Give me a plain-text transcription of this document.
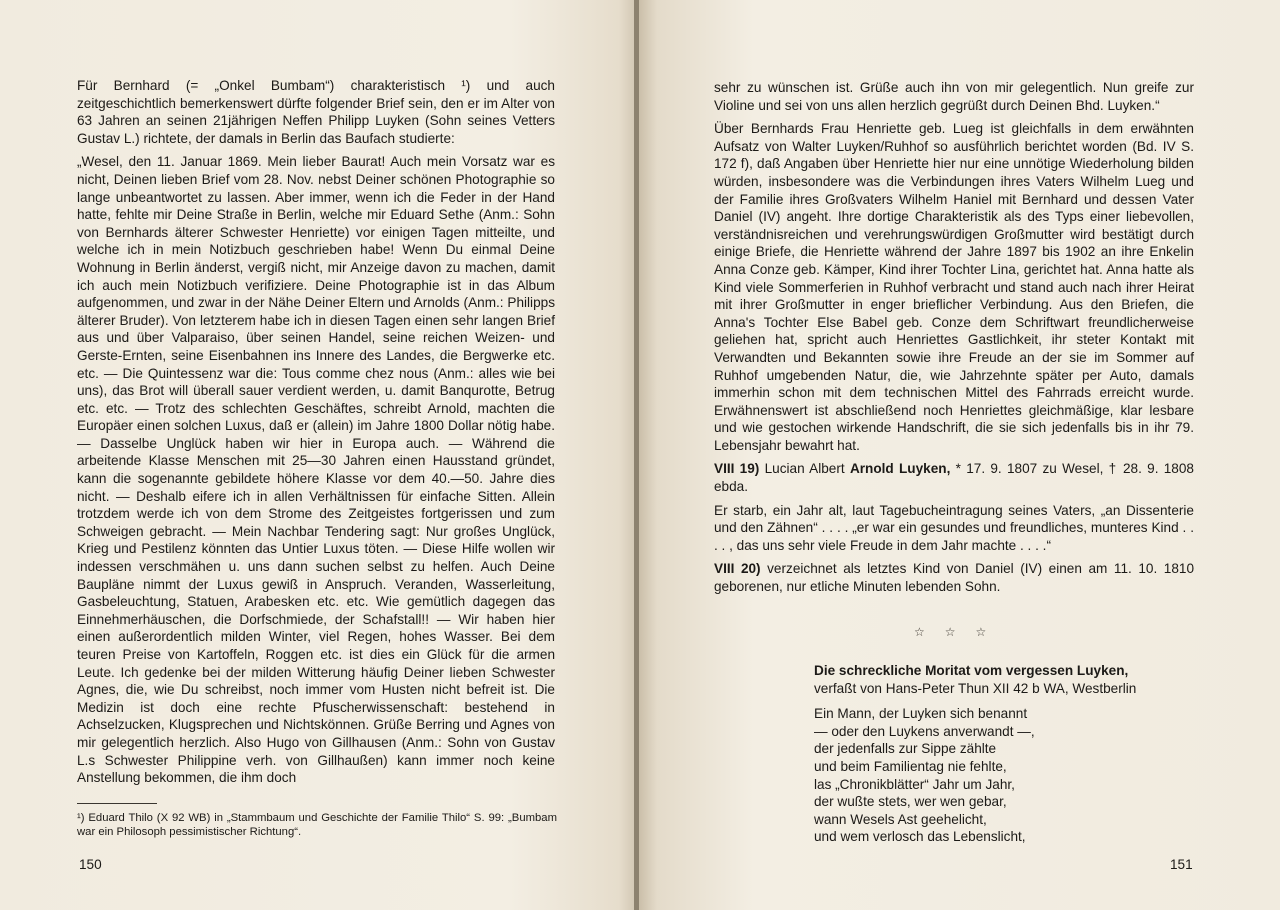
Für Bernhard (= „Onkel Bumbam“) charakteristisch ¹) und auch zeitgeschichtlich bemerkenswert dürfte folgender Brief sein, den er im Alter von 63 Jahren an seinen 21jährigen Neffen Philipp Luyken (Sohn seines Vetters Gustav L.) richtete, der damals in Berlin das Baufach studierte:

„Wesel, den 11. Januar 1869. Mein lieber Baurat! Auch mein Vorsatz war es nicht, Deinen lieben Brief vom 28. Nov. nebst Deiner schönen Photographie so lange unbeantwortet zu lassen. Aber immer, wenn ich die Feder in der Hand hatte, fehlte mir Deine Straße in Berlin, welche mir Eduard Sethe (Anm.: Sohn von Bernhards älterer Schwester Henriette) vor einigen Tagen mitteilte, und welche ich in mein Notizbuch geschrieben habe! Wenn Du einmal Deine Wohnung in Berlin änderst, vergiß nicht, mir Anzeige davon zu machen, damit ich auch mein Notizbuch verifiziere. Deine Photographie ist in das Album aufgenommen, und zwar in der Nähe Deiner Eltern und Arnolds (Anm.: Philipps älterer Bruder). Von letzterem habe ich in diesen Tagen einen sehr langen Brief aus und über Valparaiso, über seinen Handel, seine reichen Weizen- und Gerste-Ernten, seine Eisenbahnen ins Innere des Landes, die Bergwerke etc. etc. — Die Quintessenz war die: Tous comme chez nous (Anm.: alles wie bei uns), das Brot will überall sauer verdient werden, u. damit Banqurotte, Betrug etc. etc. — Trotz des schlechten Geschäftes, schreibt Arnold, machten die Europäer einen solchen Luxus, daß er (allein) im Jahre 1800 Dollar nötig habe. — Dasselbe Unglück haben wir hier in Europa auch. — Während die arbeitende Klasse Menschen mit 25—30 Jahren einen Hausstand gründet, kann die sogenannte gebildete höhere Klasse vor dem 40.—50. Jahre dies nicht. — Deshalb eifere ich in allen Verhältnissen für einfache Sitten. Allein trotzdem werde ich von dem Strome des Zeitgeistes fortgerissen und zum Schweigen gebracht. — Mein Nachbar Tendering sagt: Nur großes Unglück, Krieg und Pestilenz könnten das Untier Luxus töten. — Diese Hilfe wollen wir indessen verschmähen u. uns dann suchen selbst zu helfen. Auch Deine Baupläne nimmt der Luxus gewiß in Anspruch. Veranden, Wasserleitung, Gasbeleuchtung, Statuen, Arabesken etc. etc. Wie gemütlich dagegen das Einnehmerhäuschen, die Dorfschmiede, der Schafstall!! — Wir haben hier einen außerordentlich milden Winter, viel Regen, hohes Wasser. Bei dem teuren Preise von Kartoffeln, Roggen etc. ist dies ein Glück für die armen Leute. Ich gedenke bei der milden Witterung häufig Deiner lieben Schwester Agnes, die, wie Du schreibst, noch immer vom Husten nicht befreit ist. Die Medizin ist doch eine rechte Pfuscherwissenschaft: bestehend in Achselzucken, Klugsprechen und Nichtskönnen. Grüße Berring und Agnes von mir gelegentlich herzlich. Also Hugo von Gillhausen (Anm.: Sohn von Gustav L.s Schwester Philippine verh. von Gillhaußen) kann immer noch keine Anstellung bekommen, die ihm doch

¹) Eduard Thilo (X 92 WB) in „Stammbaum und Geschichte der Familie Thilo“ S. 99: „Bumbam war ein Philosoph pessimistischer Richtung“.
150

sehr zu wünschen ist. Grüße auch ihn von mir gelegentlich. Nun greife zur Violine und sei von uns allen herzlich gegrüßt durch Deinen Bhd. Luyken.“

Über Bernhards Frau Henriette geb. Lueg ist gleichfalls in dem erwähnten Aufsatz von Walter Luyken/Ruhhof so ausführlich berichtet worden (Bd. IV S. 172 f), daß Angaben über Henriette hier nur eine unnötige Wiederholung bilden würden, insbesondere was die Verbindungen ihres Vaters Wilhelm Lueg und der Familie ihres Großvaters Wilhelm Haniel mit Bernhard und dessen Vater Daniel (IV) angeht. Ihre dortige Charakteristik als des Typs einer liebevollen, verständnisreichen und verehrungswürdigen Großmutter wird bestätigt durch einige Briefe, die Henriette während der Jahre 1897 bis 1902 an ihre Enkelin Anna Conze geb. Kämper, Kind ihrer Tochter Lina, gerichtet hat. Anna hatte als Kind viele Sommerferien in Ruhhof verbracht und stand auch nach ihrer Heirat mit ihrer Großmutter in enger brieflicher Verbindung. Aus den Briefen, die Anna's Tochter Else Babel geb. Conze dem Schriftwart freundlicherweise geliehen hat, spricht auch Henriettes Gastlichkeit, ihr steter Kontakt mit Verwandten und Bekannten sowie ihre Freude an der sie im Sommer auf Ruhhof umgebenden Natur, die, wie Jahrzehnte später per Auto, damals immerhin schon mit dem technischen Mittel des Fahrrads erreicht wurde. Erwähnenswert ist abschließend noch Henriettes gleichmäßige, klar lesbare und wie gestochen wirkende Handschrift, die sie sich jedenfalls bis in ihr 79. Lebensjahr bewahrt hat.

VIII 19) Lucian Albert Arnold Luyken, * 17. 9. 1807 zu Wesel, † 28. 9. 1808 ebda.

Er starb, ein Jahr alt, laut Tagebucheintragung seines Vaters, „an Dissenterie und den Zähnen“ . . . . „er war ein gesundes und freundliches, munteres Kind . . . . , das uns sehr viele Freude in dem Jahr machte . . . .“

VIII 20) verzeichnet als letztes Kind von Daniel (IV) einen am 11. 10. 1810 geborenen, nur etliche Minuten lebenden Sohn.

☆☆☆
Die schreckliche Moritat vom vergessen Luyken,
verfaßt von Hans-Peter Thun XII 42 b WA, Westberlin
Ein Mann, der Luyken sich benannt
— oder den Luykens anverwandt —,
der jedenfalls zur Sippe zählte
und beim Familientag nie fehlte,
las „Chronikblätter“ Jahr um Jahr,
der wußte stets, wer wen gebar,
wann Wesels Ast geehelicht,
und wem verlosch das Lebenslicht,
151
